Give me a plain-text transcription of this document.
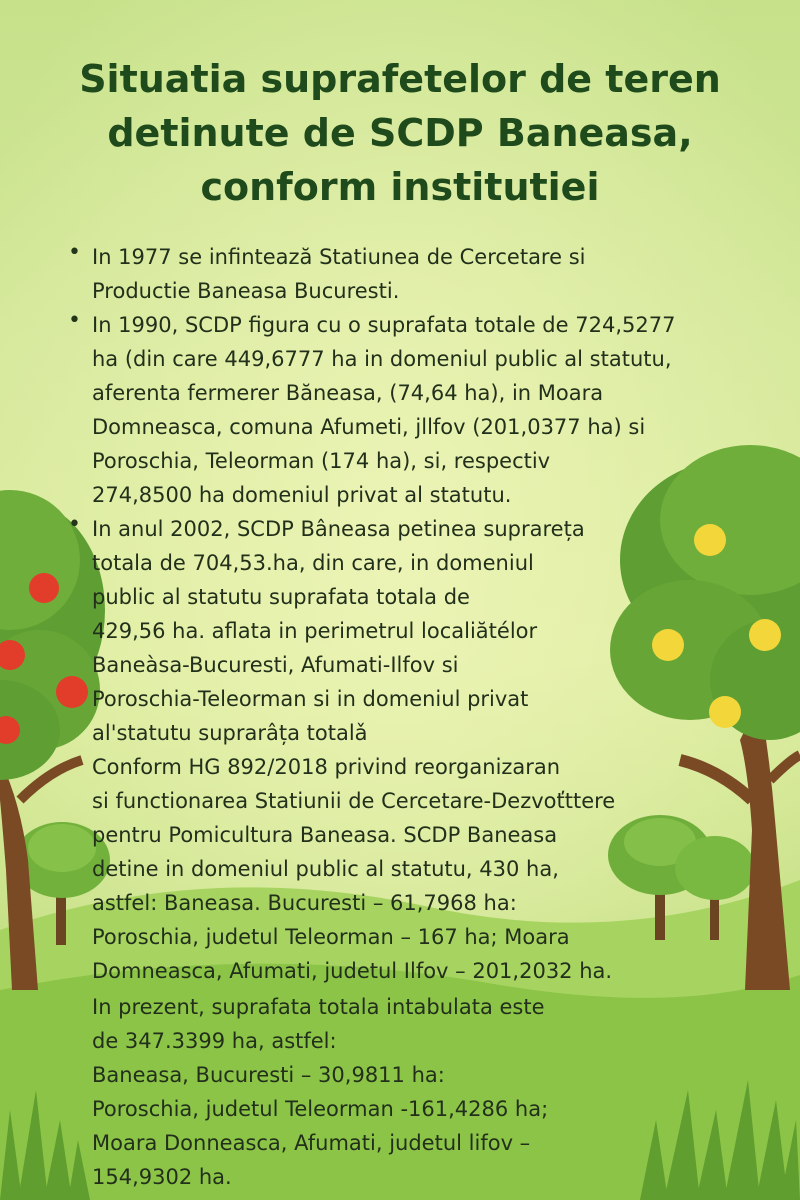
Situatia suprafetelor de teren
detinute de SCDP Baneasa,
conform institutiei
• In 1977 se infintează Statiunea de Cercetare si
Productie Baneasa Bucuresti.
• In 1990, SCDP figura cu o suprafata totale de 724,5277
ha (din care 449,6777 ha in domeniul public al statutu,
aferenta fermerer Băneasa, (74,64 ha), in Moara
Domneasca, comuna Afumeti, jllfov (201,0377 ha) si
Poroschia, Teleorman (174 ha), si, respectiv
274,8500 ha domeniul privat al statutu.
• In anul 2002, SCDP Bâneasa petinea suprareța
totala de 704,53.ha, din care, in domeniul
public al statutu suprafata totala de
429,56 ha. aflata in perimetrul localiătélor
Baneàsa-Bucuresti, Afumati-Ilfov si
Poroschia-Teleorman si in domeniul privat
al'statutu suprarâța totalǎ
Conform HG 892/2018 privind reorganizaran
si functionarea Statiunii de Cercetare-Dezvoťttere
pentru Pomicultura Baneasa. SCDP Baneasa
detine in domeniul public al statutu, 430 ha,
astfel: Baneasa. Bucuresti – 61,7968 ha:
Poroschia, judetul Teleorman – 167 ha; Moara
Domneasca, Afumati, judetul Ilfov – 201,2032 ha.
In prezent, suprafata totala intabulata este
de 347.3399 ha, astfel:
Baneasa, Bucuresti – 30,9811 ha:
Poroschia, judetul Teleorman -161,4286 ha;
Moara Donneasca, Afumati, judetul lifov –
154,9302 ha.
